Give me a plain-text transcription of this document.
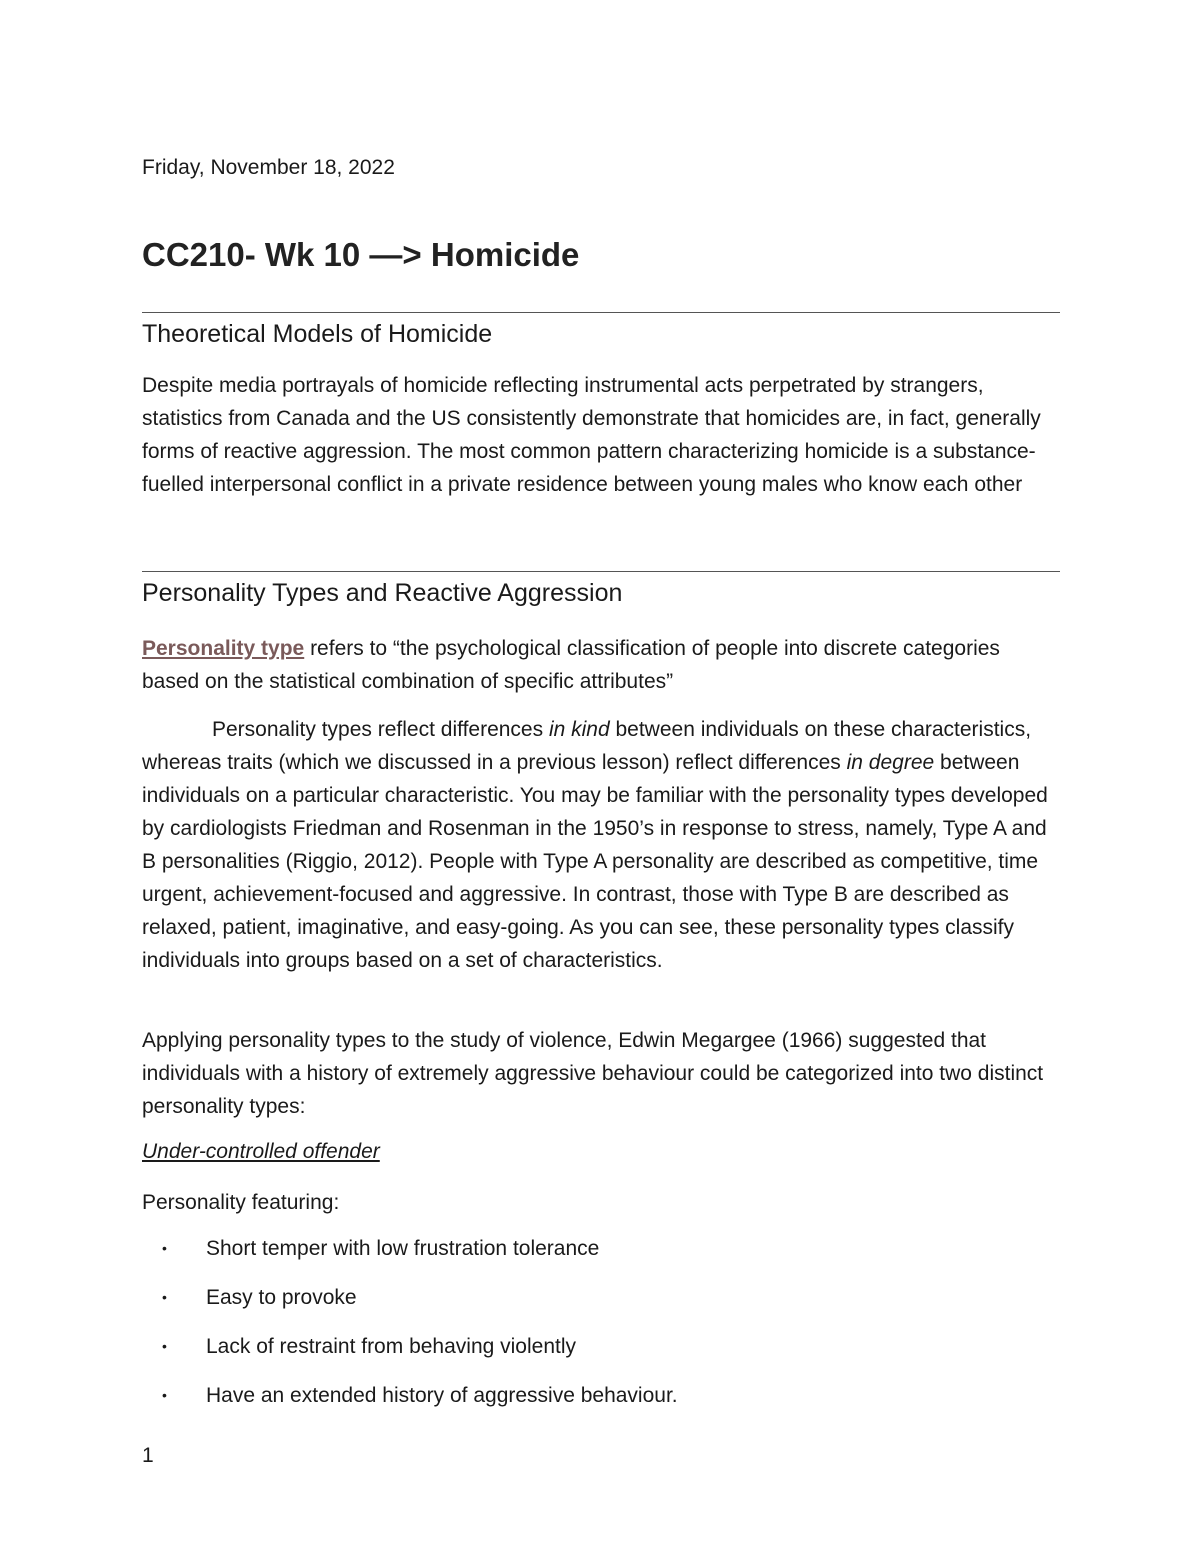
Friday, November 18, 2022

CC210- Wk 10 —> Homicide
Theoretical Models of Homicide

Despite media portrayals of homicide reflecting instrumental acts perpetrated by strangers, statistics from Canada and the US consistently demonstrate that homicides are, in fact, generally forms of reactive aggression. The most common pattern characterizing homicide is a substance-fuelled interpersonal conflict in a private residence between young males who know each other

Personality Types and Reactive Aggression

Personality type refers to “the psychological classification of people into discrete categories based on the statistical combination of specific attributes”

Personality types reflect differences in kind between individuals on these characteristics, whereas traits (which we discussed in a previous lesson) reflect differences in degree between individuals on a particular characteristic. You may be familiar with the personality types developed by cardiologists Friedman and Rosenman in the 1950’s in response to stress, namely, Type A and B personalities (Riggio, 2012). People with Type A personality are described as competitive, time urgent, achievement-focused and aggressive. In contrast, those with Type B are described as relaxed, patient, imaginative, and easy-going. As you can see, these personality types classify individuals into groups based on a set of characteristics.

Applying personality types to the study of violence, Edwin Megargee (1966) suggested that individuals with a history of extremely aggressive behaviour could be categorized into two distinct personality types:

Under-controlled offender

Personality featuring:

• Short temper with low frustration tolerance
• Easy to provoke
• Lack of restraint from behaving violently
• Have an extended history of aggressive behaviour.

1
